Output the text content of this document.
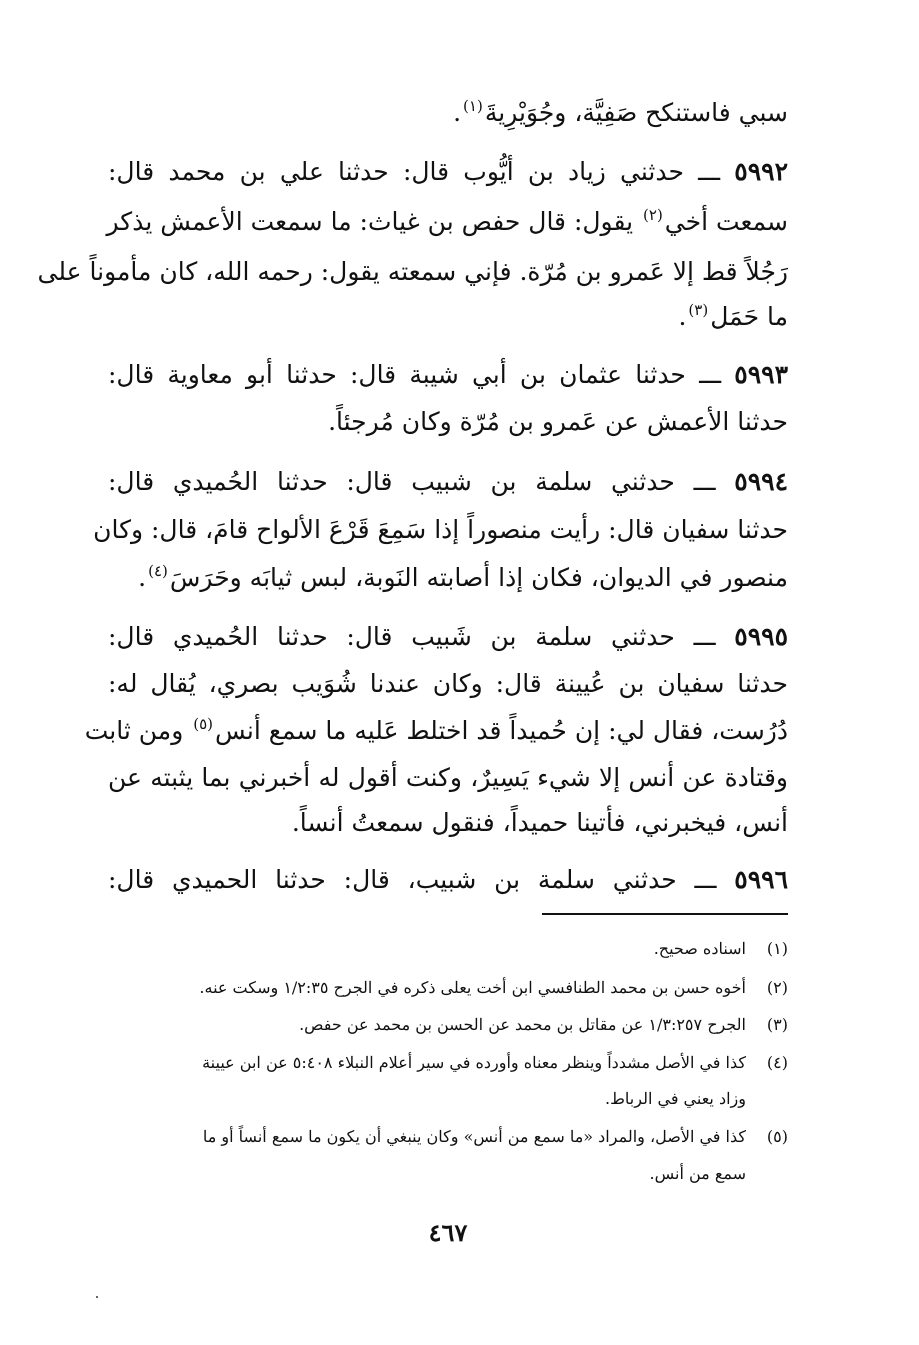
سبي فاستنكح صَفِيَّة، وجُوَيْرِيةَ$^{(١)}$.
٥٩٩٢ ـــ حدثني زياد بن أيُّوب قال: حدثنا علي بن محمد قال:
سمعت أخي$^{(٢)}$ يقول: قال حفص بن غياث: ما سمعت الأعمش يذكر
رَجُلاً قط إلا عَمرو بن مُرّة. فإني سمعته يقول: رحمه الله، كان مأموناً على
ما حَمَل$^{(٣)}$.
٥٩٩٣ ـــ حدثنا عثمان بن أبي شيبة قال: حدثنا أبو معاوية قال:
حدثنا الأعمش عن عَمرو بن مُرّة وكان مُرجئاً.
٥٩٩٤ ـــ حدثني سلمة بن شبيب قال: حدثنا الحُميدي قال:
حدثنا سفيان قال: رأيت منصوراً إذا سَمِعَ قَرْعَ الألواح قامَ، قال: وكان
منصور في الديوان، فكان إذا أصابته النَوبة، لبس ثيابَه وحَرَسَ$^{(٤)}$.
٥٩٩٥ ـــ حدثني سلمة بن شَبيب قال: حدثنا الحُميدي قال:
حدثنا سفيان بن عُيينة قال: وكان عندنا شُوَيب بصري، يُقال له:
دُرُست، فقال لي: إن حُميداً قد اختلط عَليه ما سمع أنس$^{(٥)}$ ومن ثابت
وقتادة عن أنس إلا شيء يَسِيرٌ، وكنت أقول له أخبرني بما يثبته عن
أنس، فيخبرني، فأتينا حميداً، فنقول سمعتُ أنساً.
٥٩٩٦ ـــ حدثني سلمة بن شبيب، قال: حدثنا الحميدي قال:
(١)اسناده صحيح.
(٢)أخوه حسن بن محمد الطنافسي ابن أخت يعلى ذكره في الجرح ١/٢:٣٥ وسكت عنه.
(٣)الجرح ١/٣:٢٥٧ عن مقاتل بن محمد عن الحسن بن محمد عن حفص.
(٤)كذا في الأصل مشدداً وينظر معناه وأورده في سير أعلام النبلاء ٥:٤٠٨ عن ابن عيينة
وزاد يعني في الرباط.
(٥)كذا في الأصل، والمراد «ما سمع من أنس» وكان ينبغي أن يكون ما سمع أنساً أو ما
سمع من أنس.
٤٦٧
